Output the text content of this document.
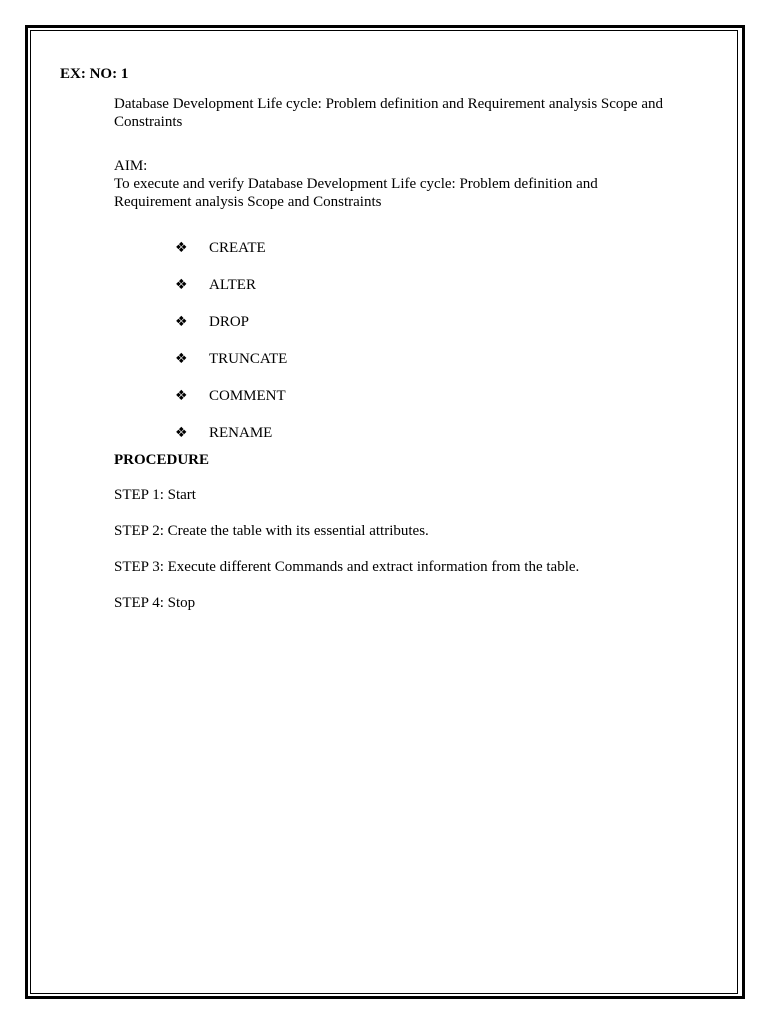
EX: NO: 1
Database Development Life cycle: Problem definition and Requirement analysis Scope and Constraints
AIM:
To execute and verify Database Development Life cycle: Problem definition and Requirement analysis Scope and Constraints
❖	CREATE
❖	ALTER
❖	DROP
❖	TRUNCATE
❖	COMMENT
❖	RENAME
PROCEDURE
STEP 1: Start
STEP 2: Create the table with its essential attributes.
STEP 3: Execute different Commands and extract information from the table.
STEP 4: Stop
